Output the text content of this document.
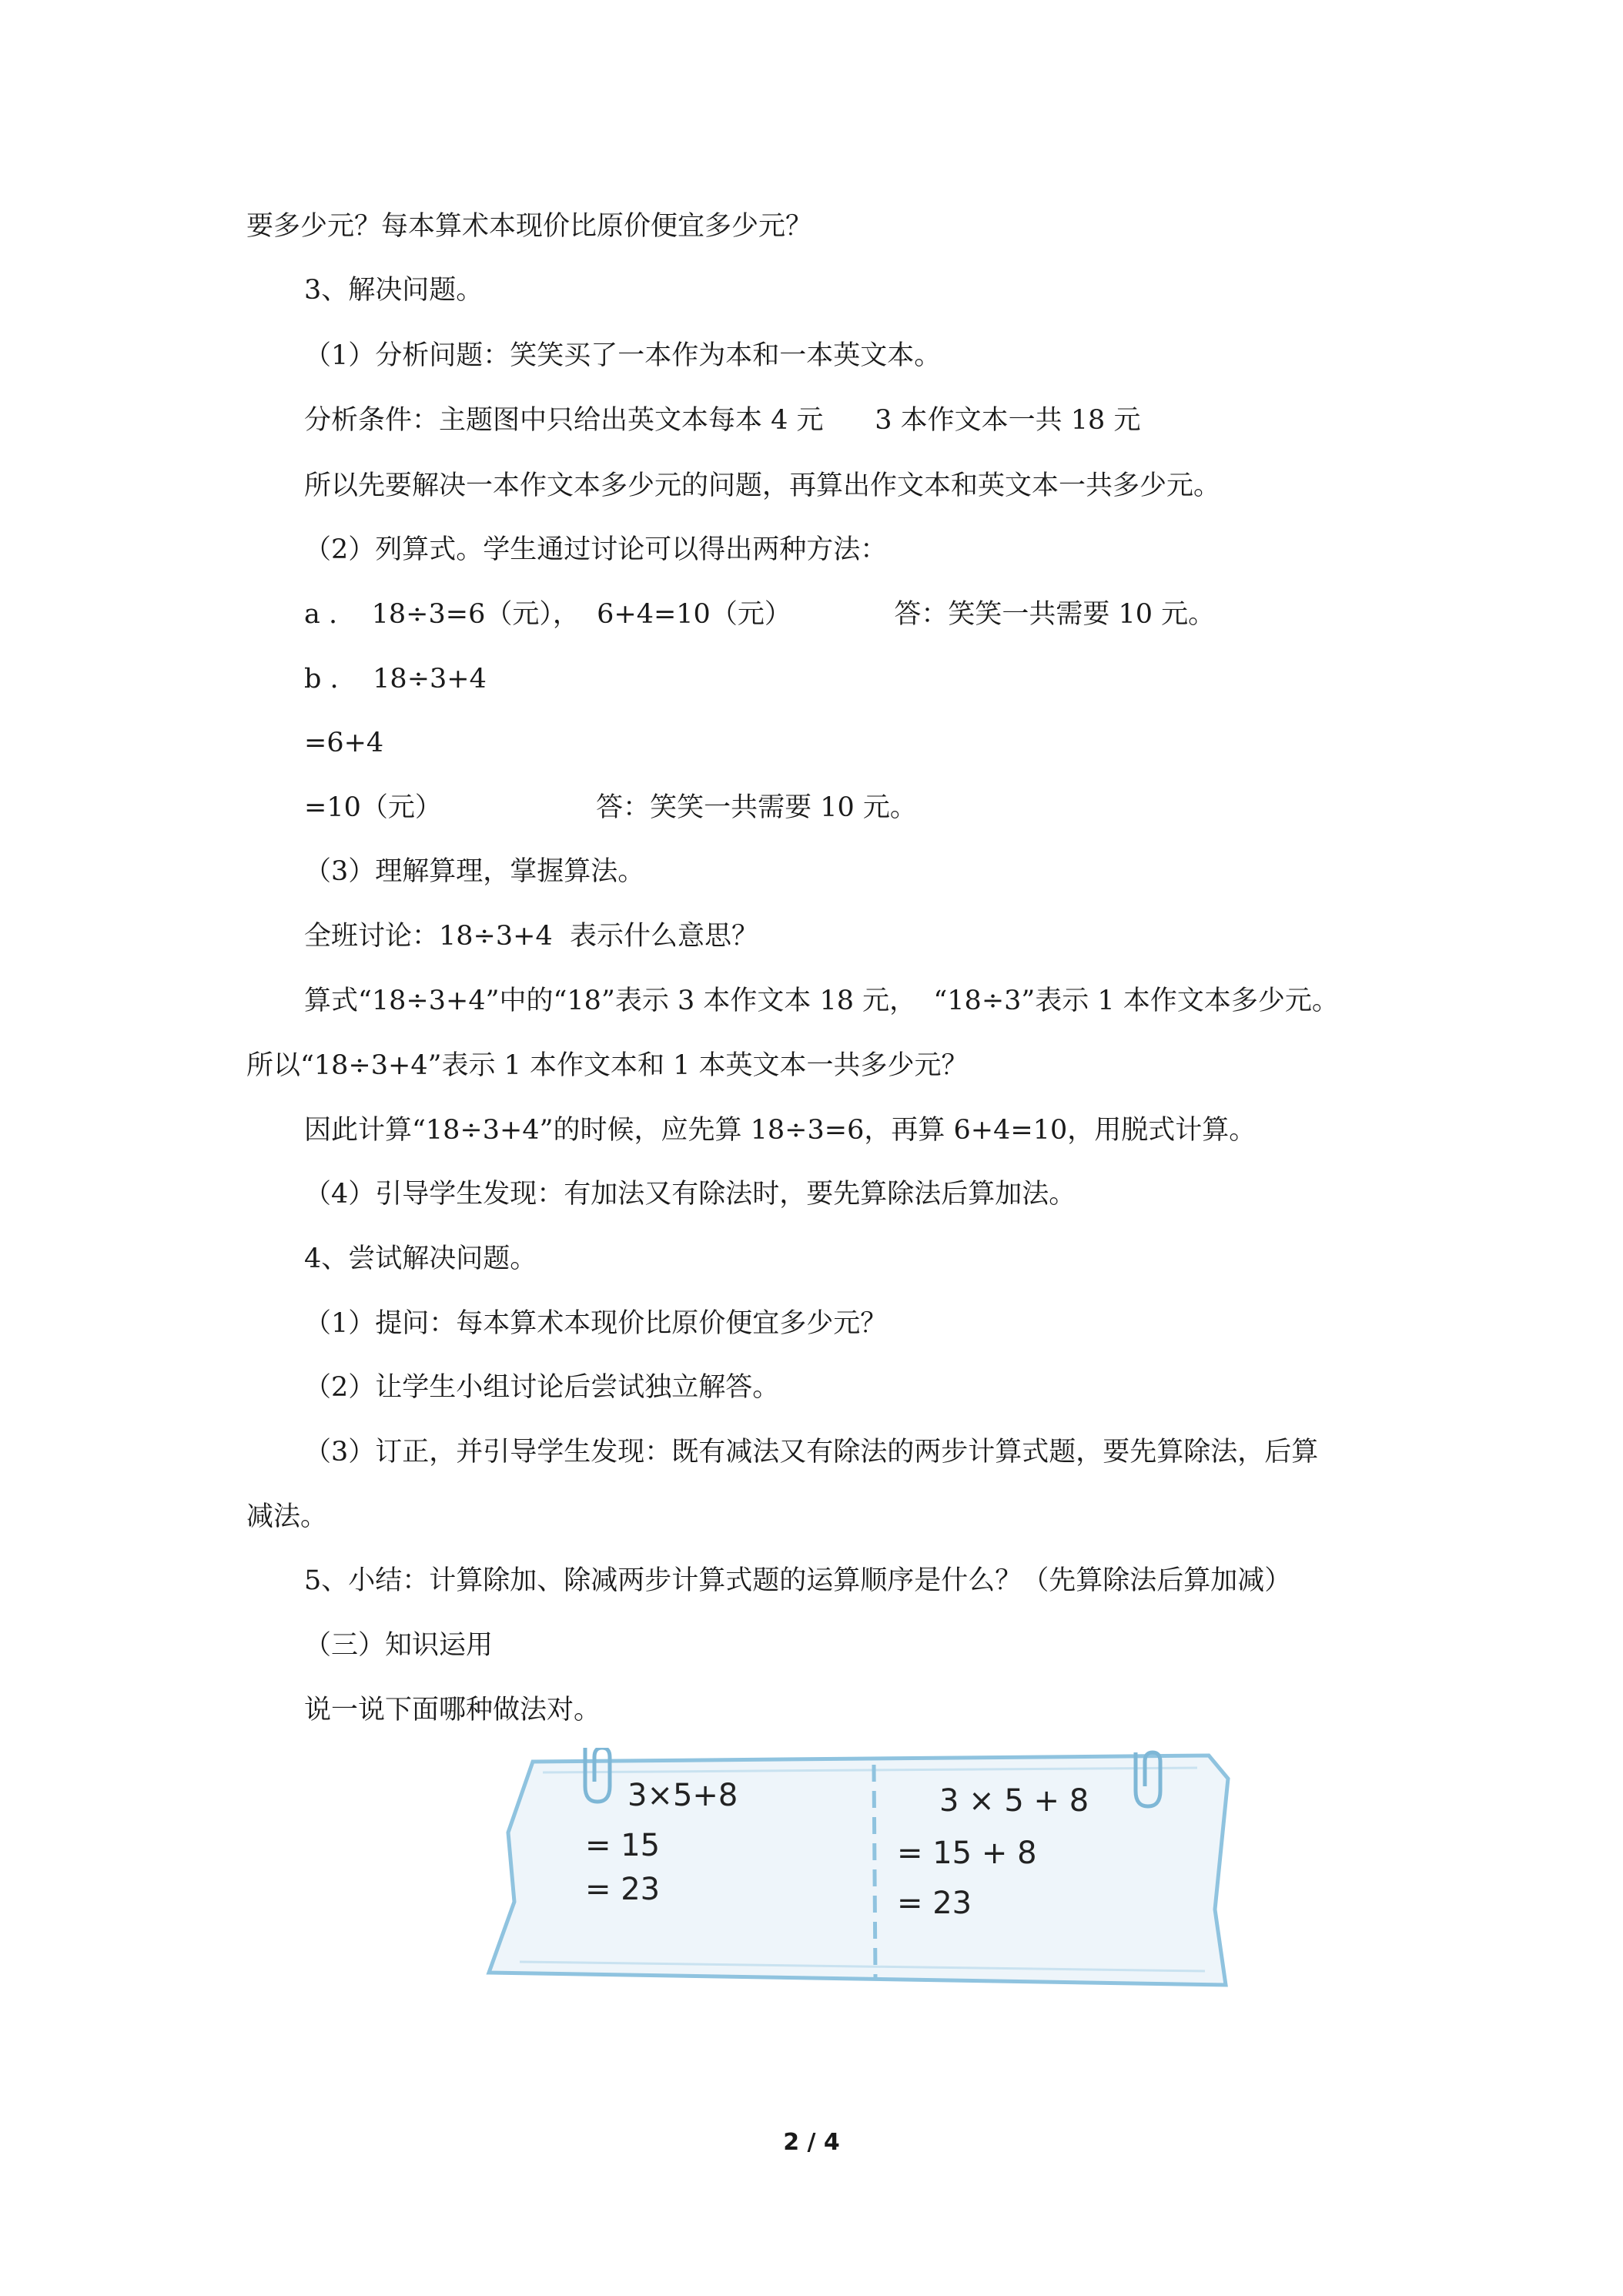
要多少元？每本算术本现价比原价便宜多少元？
3、解决问题。
（1）分析问题：笑笑买了一本作为本和一本英文本。
分析条件：主题图中只给出英文本每本 4 元      3 本作文本一共 18 元
所以先要解决一本作文本多少元的问题，再算出作文本和英文本一共多少元。
（2）列算式。学生通过讨论可以得出两种方法：
a .    18÷3=6（元），  6+4=10（元）            答：笑笑一共需要 10 元。
b .    18÷3+4
=6+4
=10（元）                  答：笑笑一共需要 10 元。
（3）理解算理，掌握算法。
全班讨论：18÷3+4  表示什么意思？
算式“18÷3+4”中的“18”表示 3 本作文本 18 元，  “18÷3”表示 1 本作文本多少元。
所以“18÷3+4”表示 1 本作文本和 1 本英文本一共多少元？
因此计算“18÷3+4”的时候，应先算 18÷3=6，再算 6+4=10，用脱式计算。
（4）引导学生发现：有加法又有除法时，要先算除法后算加法。
4、尝试解决问题。
（1）提问：每本算术本现价比原价便宜多少元？
（2）让学生小组讨论后尝试独立解答。
（3）订正，并引导学生发现：既有减法又有除法的两步计算式题，要先算除法，后算
减法。
5、小结：计算除加、除减两步计算式题的运算顺序是什么？（先算除法后算加减）
（三）知识运用
说一说下面哪种做法对。
3×5+8
= 15
= 23
3 × 5 + 8
= 15 + 8
= 23
2 / 4
